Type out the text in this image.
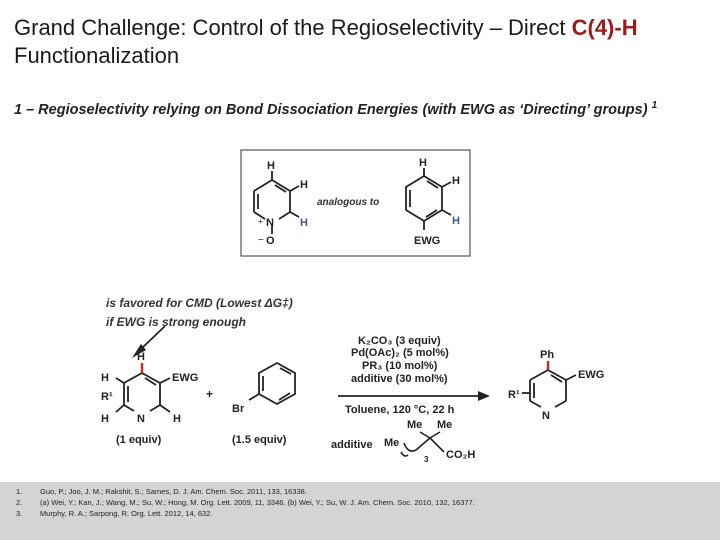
Grand Challenge: Control of the Regioselectivity – Direct C(4)-H
Functionalization
1 – Regioselectivity relying on Bond Dissociation Energies (with EWG as ‘Directing’ groups) $^1$
H
H
H
+ N
− O
analogous to
H
H
H
EWG
is favored for CMD (Lowest ΔG‡)
if EWG is strong enough
H
H	EWG
R¹
H	N	H
(1 equiv)
+
Br
(1.5 equiv)
K₂CO₃ (3 equiv)
Pd(OAc)₂ (5 mol%)
PR₃ (10 mol%)
additive (30 mol%)
Toluene, 120 °C, 22 h
additive Me
Me Me
3 CO₂H
Ph
EWG
R¹
N
1. Guo, P.; Joo, J. M.; Rakshit, S.; Sames, D. J. Am. Chem. Soc. 2011, 133, 16338.
2. (a) Wei, Y.; Kan, J.; Wang, M.; Su, W.; Hong, M. Org. Lett. 2009, 11, 3346. (b) Wei, Y.; Su, W. J. Am. Chem. Soc. 2010, 132, 16377.
3. Murphy, R. A.; Sarpong, R. Org. Lett. 2012, 14, 632.
